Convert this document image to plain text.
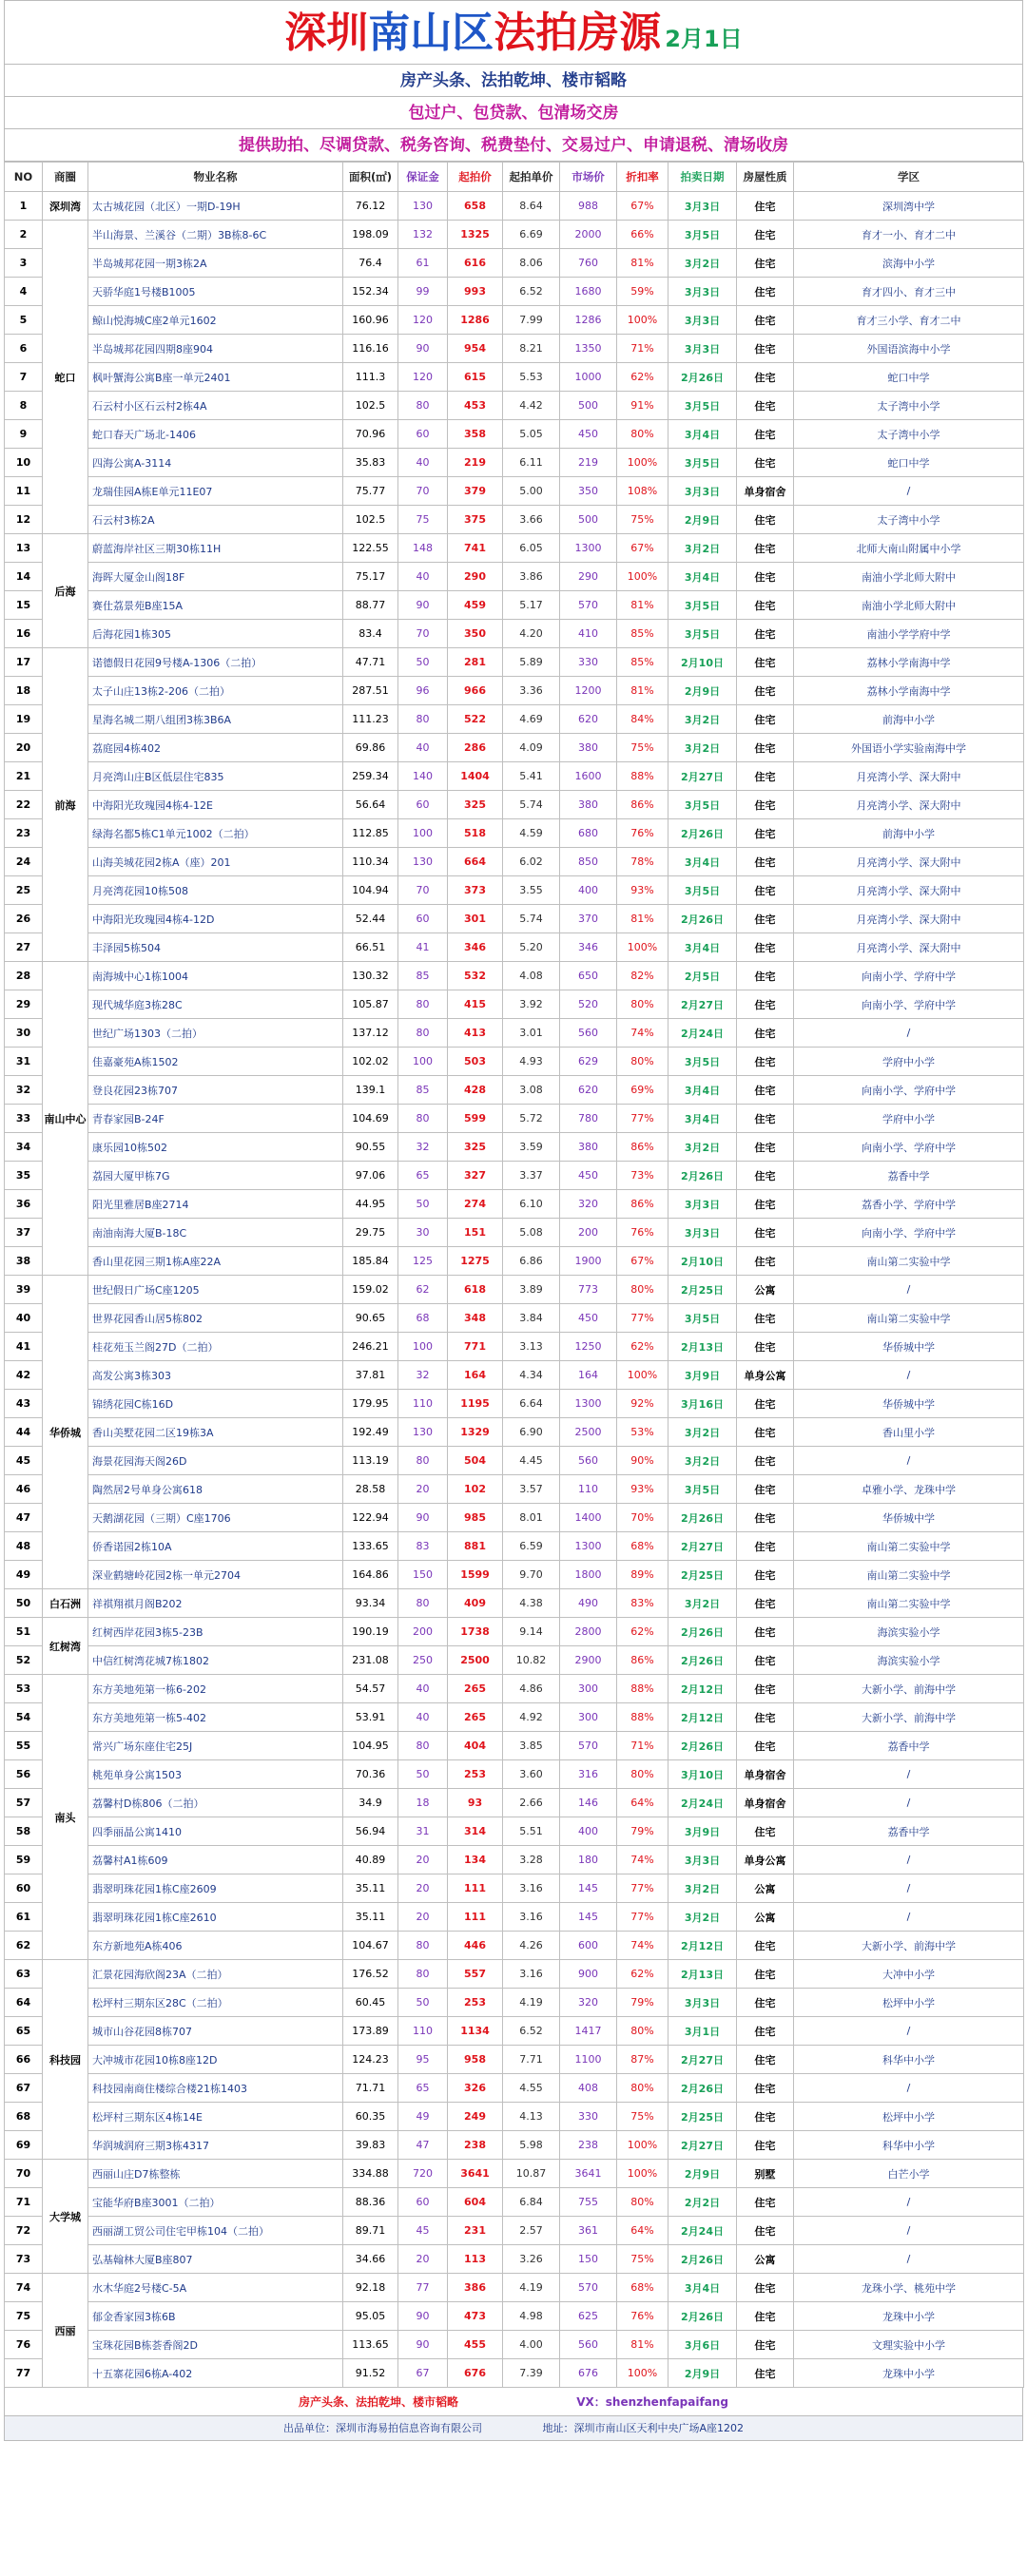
深圳南山区法拍房源 2月1日
房产头条、法拍乾坤、楼市韬略
包过户、包贷款、包清场交房
提供助拍、尽调贷款、税务咨询、税费垫付、交易过户、申请退税、清场收房
NO	商圈	物业名称	面积(㎡)	保证金	起拍价	起拍单价	市场价	折扣率	拍卖日期	房屋性质	学区
1	深圳湾	太古城花园（北区）一期D-19H	76.12	130	658	8.64	988	67%	3月3日	住宅	深圳湾中学
2	蛇口	半山海景、兰溪谷（二期）3B栋8-6C	198.09	132	1325	6.69	2000	66%	3月5日	住宅	育才一小、育才二中
3		半岛城邦花园一期3栋2A	76.4	61	616	8.06	760	81%	3月2日	住宅	滨海中小学
4		天骄华庭1号楼B1005	152.34	99	993	6.52	1680	59%	3月3日	住宅	育才四小、育才三中
5		鲸山悦海城C座2单元1602	160.96	120	1286	7.99	1286	100%	3月3日	住宅	育才三小学、育才二中
6		半岛城邦花园四期8座904	116.16	90	954	8.21	1350	71%	3月3日	住宅	外国语滨海中小学
7		枫叶蟹海公寓B座一单元2401	111.3	120	615	5.53	1000	62%	2月26日	住宅	蛇口中学
8		石云村小区石云村2栋4A	102.5	80	453	4.42	500	91%	3月5日	住宅	太子湾中小学
9		蛇口春天广场北-1406	70.96	60	358	5.05	450	80%	3月4日	住宅	太子湾中小学
10		四海公寓A-3114	35.83	40	219	6.11	219	100%	3月5日	住宅	蛇口中学
11		龙瑞佳园A栋E单元11E07	75.77	70	379	5.00	350	108%	3月3日	单身宿舍	/
12		石云村3栋2A	102.5	75	375	3.66	500	75%	2月9日	住宅	太子湾中小学
13	后海	蔚蓝海岸社区三期30栋11H	122.55	148	741	6.05	1300	67%	3月2日	住宅	北师大南山附属中小学
14		海晖大厦金山阁18F	75.17	40	290	3.86	290	100%	3月4日	住宅	南油小学北师大附中
15		赛仕荔景苑B座15A	88.77	90	459	5.17	570	81%	3月5日	住宅	南油小学北师大附中
16		后海花园1栋305	83.4	70	350	4.20	410	85%	3月5日	住宅	南油小学学府中学
17	前海	诺德假日花园9号楼A-1306（二拍）	47.71	50	281	5.89	330	85%	2月10日	住宅	荔林小学南海中学
18		太子山庄13栋2-206（二拍）	287.51	96	966	3.36	1200	81%	2月9日	住宅	荔林小学南海中学
19		星海名城二期八组团3栋3B6A	111.23	80	522	4.69	620	84%	3月2日	住宅	前海中小学
20		荔庭园4栋402	69.86	40	286	4.09	380	75%	3月2日	住宅	外国语小学实验南海中学
21		月亮湾山庄B区低层住宅835	259.34	140	1404	5.41	1600	88%	2月27日	住宅	月亮湾小学、深大附中
22		中海阳光玫瑰园4栋4-12E	56.64	60	325	5.74	380	86%	3月5日	住宅	月亮湾小学、深大附中
23		绿海名都5栋C1单元1002（二拍）	112.85	100	518	4.59	680	76%	2月26日	住宅	前海中小学
24		山海美城花园2栋A（座）201	110.34	130	664	6.02	850	78%	3月4日	住宅	月亮湾小学、深大附中
25		月亮湾花园10栋508	104.94	70	373	3.55	400	93%	3月5日	住宅	月亮湾小学、深大附中
26		中海阳光玫瑰园4栋4-12D	52.44	60	301	5.74	370	81%	2月26日	住宅	月亮湾小学、深大附中
27		丰泽园5栋504	66.51	41	346	5.20	346	100%	3月4日	住宅	月亮湾小学、深大附中
28	南山中心	南海城中心1栋1004	130.32	85	532	4.08	650	82%	2月5日	住宅	向南小学、学府中学
29		现代城华庭3栋28C	105.87	80	415	3.92	520	80%	2月27日	住宅	向南小学、学府中学
30		世纪广场1303（二拍）	137.12	80	413	3.01	560	74%	2月24日	住宅	/
31		佳嘉豪苑A栋1502	102.02	100	503	4.93	629	80%	3月5日	住宅	学府中小学
32		登良花园23栋707	139.1	85	428	3.08	620	69%	3月4日	住宅	向南小学、学府中学
33		青春家园B-24F	104.69	80	599	5.72	780	77%	3月4日	住宅	学府中小学
34		康乐园10栋502	90.55	32	325	3.59	380	86%	3月2日	住宅	向南小学、学府中学
35		荔园大厦甲栋7G	97.06	65	327	3.37	450	73%	2月26日	住宅	荔香中学
36		阳光里雅居B座2714	44.95	50	274	6.10	320	86%	3月3日	住宅	荔香小学、学府中学
37		南油南海大厦B-18C	29.75	30	151	5.08	200	76%	3月3日	住宅	向南小学、学府中学
38		香山里花园三期1栋A座22A	185.84	125	1275	6.86	1900	67%	2月10日	住宅	南山第二实验中学
39	华侨城	世纪假日广场C座1205	159.02	62	618	3.89	773	80%	2月25日	公寓	/
40		世界花园香山居5栋802	90.65	68	348	3.84	450	77%	3月5日	住宅	南山第二实验中学
41		桂花苑玉兰阁27D（二拍）	246.21	100	771	3.13	1250	62%	2月13日	住宅	华侨城中学
42		高发公寓3栋303	37.81	32	164	4.34	164	100%	3月9日	单身公寓	/
43		锦绣花园C栋16D	179.95	110	1195	6.64	1300	92%	3月16日	住宅	华侨城中学
44		香山美墅花园二区19栋3A	192.49	130	1329	6.90	2500	53%	3月2日	住宅	香山里小学
45		海景花园海天阁26D	113.19	80	504	4.45	560	90%	3月2日	住宅	/
46		陶然居2号单身公寓618	28.58	20	102	3.57	110	93%	3月5日	住宅	卓雅小学、龙珠中学
47		天鹅湖花园（三期）C座1706	122.94	90	985	8.01	1400	70%	2月26日	住宅	华侨城中学
48		侨香诺园2栋10A	133.65	83	881	6.59	1300	68%	2月27日	住宅	南山第二实验中学
49		深业鹤塘岭花园2栋一单元2704	164.86	150	1599	9.70	1800	89%	2月25日	住宅	南山第二实验中学
50	白石洲	祥祺翔祺月阁B202	93.34	80	409	4.38	490	83%	3月2日	住宅	南山第二实验中学
51	红树湾	红树西岸花园3栋5-23B	190.19	200	1738	9.14	2800	62%	2月26日	住宅	海滨实验小学
52		中信红树湾花城7栋1802	231.08	250	2500	10.82	2900	86%	2月26日	住宅	海滨实验小学
53	南头	东方美地苑第一栋6-202	54.57	40	265	4.86	300	88%	2月12日	住宅	大新小学、前海中学
54		东方美地苑第一栋5-402	53.91	40	265	4.92	300	88%	2月12日	住宅	大新小学、前海中学
55		常兴广场东座住宅25J	104.95	80	404	3.85	570	71%	2月26日	住宅	荔香中学
56		桃苑单身公寓1503	70.36	50	253	3.60	316	80%	3月10日	单身宿舍	/
57		荔馨村D栋806（二拍）	34.9	18	93	2.66	146	64%	2月24日	单身宿舍	/
58		四季丽晶公寓1410	56.94	31	314	5.51	400	79%	3月9日	住宅	荔香中学
59		荔馨村A1栋609	40.89	20	134	3.28	180	74%	3月3日	单身公寓	/
60		翡翠明珠花园1栋C座2609	35.11	20	111	3.16	145	77%	3月2日	公寓	/
61		翡翠明珠花园1栋C座2610	35.11	20	111	3.16	145	77%	3月2日	公寓	/
62		东方新地苑A栋406	104.67	80	446	4.26	600	74%	2月12日	住宅	大新小学、前海中学
63	科技园	汇景花园海欣阁23A（二拍）	176.52	80	557	3.16	900	62%	2月13日	住宅	大冲中小学
64		松坪村三期东区28C（二拍）	60.45	50	253	4.19	320	79%	3月3日	住宅	松坪中小学
65		城市山谷花园8栋707	173.89	110	1134	6.52	1417	80%	3月1日	住宅	/
66		大冲城市花园10栋8座12D	124.23	95	958	7.71	1100	87%	2月27日	住宅	科华中小学
67		科技园南商住楼综合楼21栋1403	71.71	65	326	4.55	408	80%	2月26日	住宅	/
68		松坪村三期东区4栋14E	60.35	49	249	4.13	330	75%	2月25日	住宅	松坪中小学
69		华润城润府三期3栋4317	39.83	47	238	5.98	238	100%	2月27日	住宅	科华中小学
70	大学城	西丽山庄D7栋整栋	334.88	720	3641	10.87	3641	100%	2月9日	别墅	白芒小学
71		宝能华府B座3001（二拍）	88.36	60	604	6.84	755	80%	2月2日	住宅	/
72		西丽湖工贸公司住宅甲栋104（二拍）	89.71	45	231	2.57	361	64%	2月24日	住宅	/
73		弘基翰林大厦B座807	34.66	20	113	3.26	150	75%	2月26日	公寓	/
74	西丽	水木华庭2号楼C-5A	92.18	77	386	4.19	570	68%	3月4日	住宅	龙珠小学、桃苑中学
75		郁金香家园3栋6B	95.05	90	473	4.98	625	76%	2月26日	住宅	龙珠中小学
76		宝珠花园B栋荟香阁2D	113.65	90	455	4.00	560	81%	3月6日	住宅	文理实验中小学
77		十五寨花园6栋A-402	91.52	67	676	7.39	676	100%	2月9日	住宅	龙珠中小学
房产头条、法拍乾坤、楼市韬略	VX：shenzhenfapaifang
出品单位：深圳市海易拍信息咨询有限公司	地址：深圳市南山区天利中央广场A座1202
